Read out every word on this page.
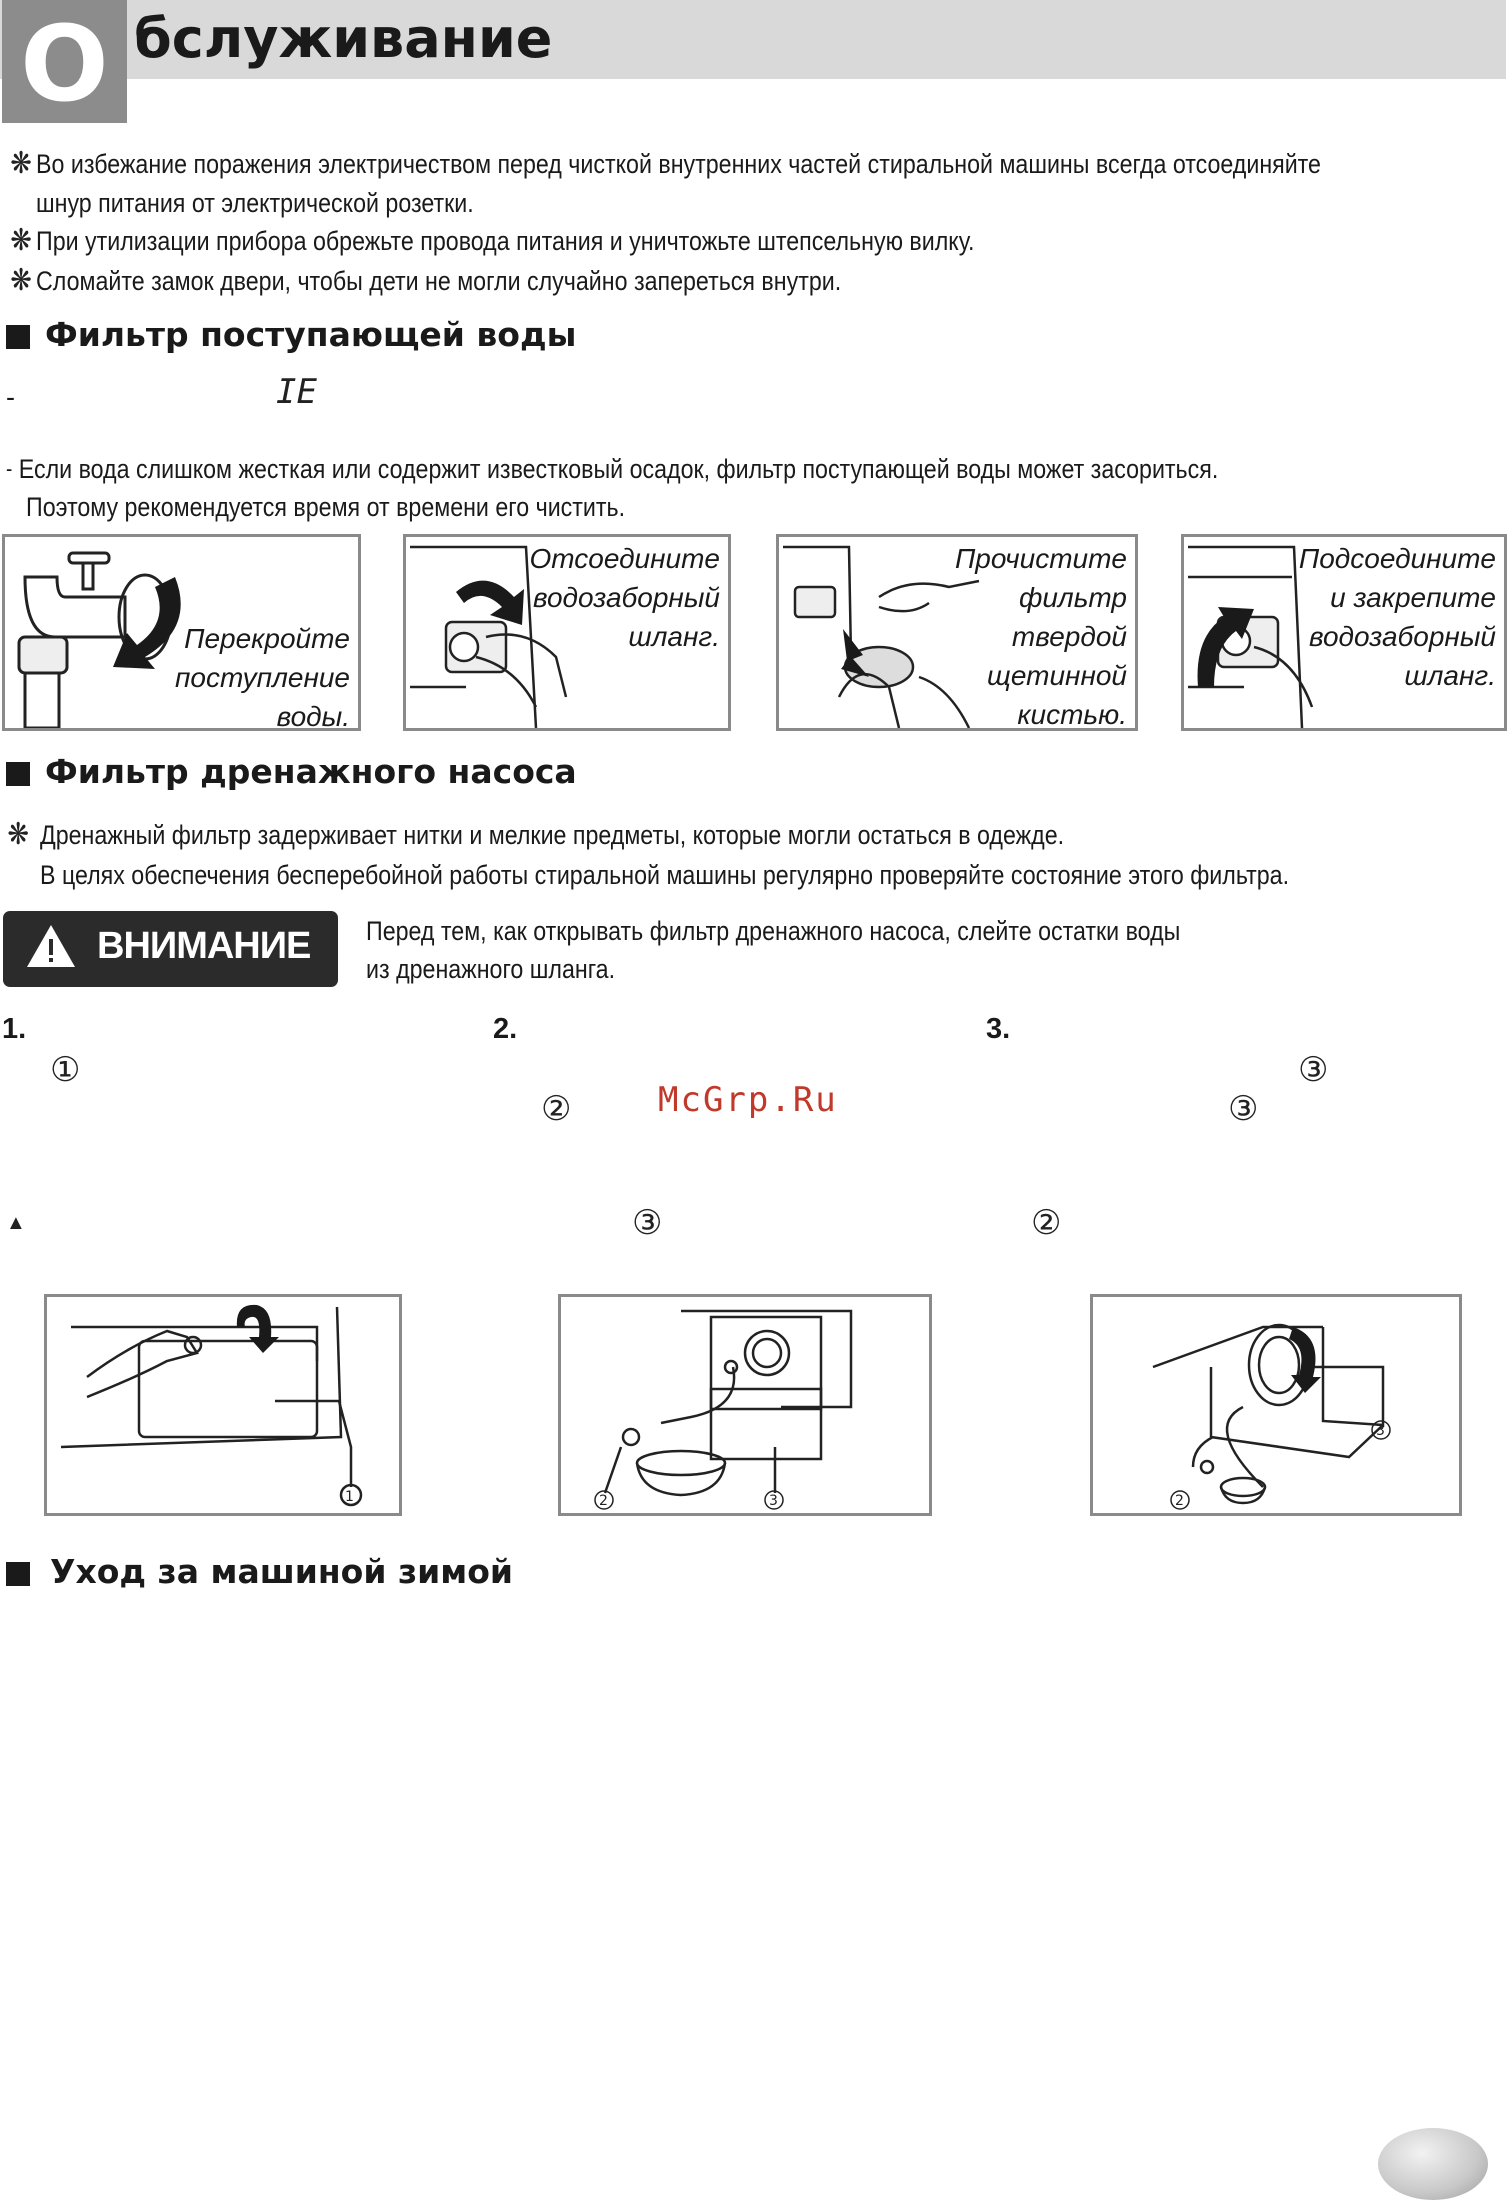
О бслуживание
❋ Во избежание поражения электричеством перед чисткой внутренних частей стиральной машины всегда отсоединяйте
шнур питания от электрической розетки.
❋ При утилизации прибора обрежьте провода питания и уничтожьте штепсельную вилку.
❋ Сломайте замок двери, чтобы дети не могли случайно запереться внутри.
Фильтр поступающей воды
-	IE
- Если вода слишком жесткая или содержит известковый осадок, фильтр поступающей воды может засориться.
Поэтому рекомендуется время от времени его чистить.
Перекройте
поступление
воды.
Отсоедините
водозаборный
шланг.
Прочистите
фильтр
твердой
щетинной
кистью.
Подсоедините
и закрепите
водозаборный
шланг.
Фильтр дренажного насоса
❋ Дренажный фильтр задерживает нитки и мелкие предметы, которые могли остаться в одежде.
В целях обеспечения бесперебойной работы стиральной машины регулярно проверяйте состояние этого фильтра.
ВНИМАНИЕ Перед тем, как открывать фильтр дренажного насоса, слейте остатки воды
из дренажного шланга.
1.	2.	3.
①
②	McGrp.Ru
③
③
▲	③	②
1	2	3	2
3
Уход за машиной зимой
